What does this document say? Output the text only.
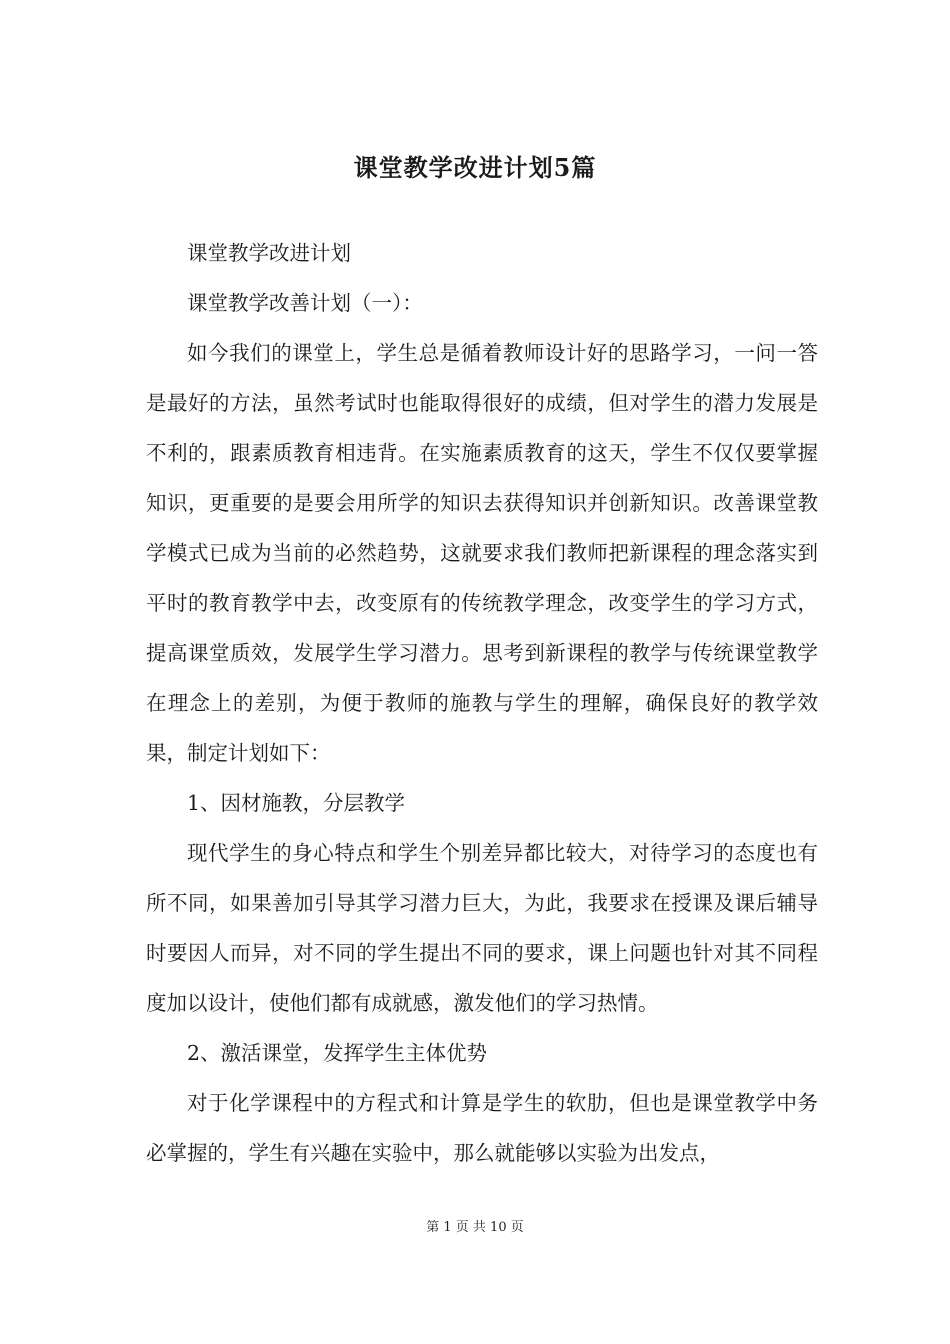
课堂教学改进计划5篇

课堂教学改进计划

课堂教学改善计划（一）：

如今我们的课堂上，学生总是循着教师设计好的思路学习，一问一答是最好的方法，虽然考试时也能取得很好的成绩，但对学生的潜力发展是不利的，跟素质教育相违背。在实施素质教育的这天，学生不仅仅要掌握知识，更重要的是要会用所学的知识去获得知识并创新知识。改善课堂教学模式已成为当前的必然趋势，这就要求我们教师把新课程的理念落实到平时的教育教学中去，改变原有的传统教学理念，改变学生的学习方式，提高课堂质效，发展学生学习潜力。思考到新课程的教学与传统课堂教学在理念上的差别，为便于教师的施教与学生的理解，确保良好的教学效果，制定计划如下：

1、因材施教，分层教学

现代学生的身心特点和学生个别差异都比较大，对待学习的态度也有所不同，如果善加引导其学习潜力巨大，为此，我要求在授课及课后辅导时要因人而异，对不同的学生提出不同的要求，课上问题也针对其不同程度加以设计，使他们都有成就感，激发他们的学习热情。

2、激活课堂，发挥学生主体优势

对于化学课程中的方程式和计算是学生的软肋，但也是课堂教学中务必掌握的，学生有兴趣在实验中，那么就能够以实验为出发点，

第 1 页 共 10 页
